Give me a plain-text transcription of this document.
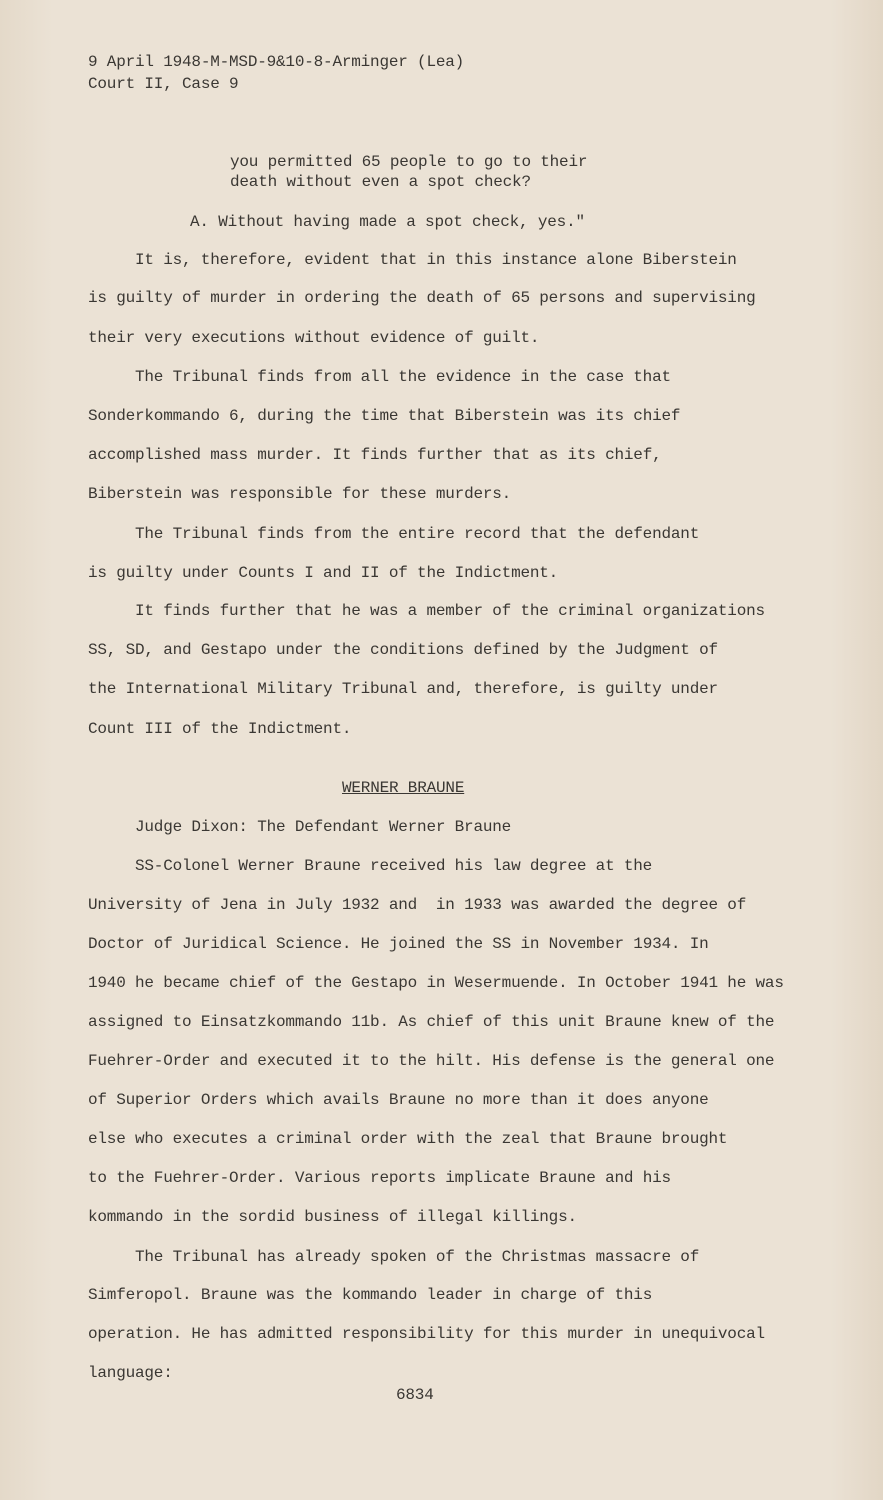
9 April 1948-M-MSD-9&10-8-Arminger (Lea)
Court II, Case 9
you permitted 65 people to go to their
death without even a spot check?
A. Without having made a spot check, yes."
It is, therefore, evident that in this instance alone Biberstein
is guilty of murder in ordering the death of 65 persons and supervising
their very executions without evidence of guilt.
The Tribunal finds from all the evidence in the case that
Sonderkommando 6, during the time that Biberstein was its chief
accomplished mass murder. It finds further that as its chief,
Biberstein was responsible for these murders.
The Tribunal finds from the entire record that the defendant
is guilty under Counts I and II of the Indictment.
It finds further that he was a member of the criminal organizations
SS, SD, and Gestapo under the conditions defined by the Judgment of
the International Military Tribunal and, therefore, is guilty under
Count III of the Indictment.
WERNER BRAUNE
Judge Dixon: The Defendant Werner Braune
SS-Colonel Werner Braune received his law degree at the
University of Jena in July 1932 and  in 1933 was awarded the degree of
Doctor of Juridical Science. He joined the SS in November 1934. In
1940 he became chief of the Gestapo in Wesermuende. In October 1941 he was
assigned to Einsatzkommando 11b. As chief of this unit Braune knew of the
Fuehrer-Order and executed it to the hilt. His defense is the general one
of Superior Orders which avails Braune no more than it does anyone
else who executes a criminal order with the zeal that Braune brought
to the Fuehrer-Order. Various reports implicate Braune and his
kommando in the sordid business of illegal killings.
The Tribunal has already spoken of the Christmas massacre of
Simferopol. Braune was the kommando leader in charge of this
operation. He has admitted responsibility for this murder in unequivocal
language:
6834
